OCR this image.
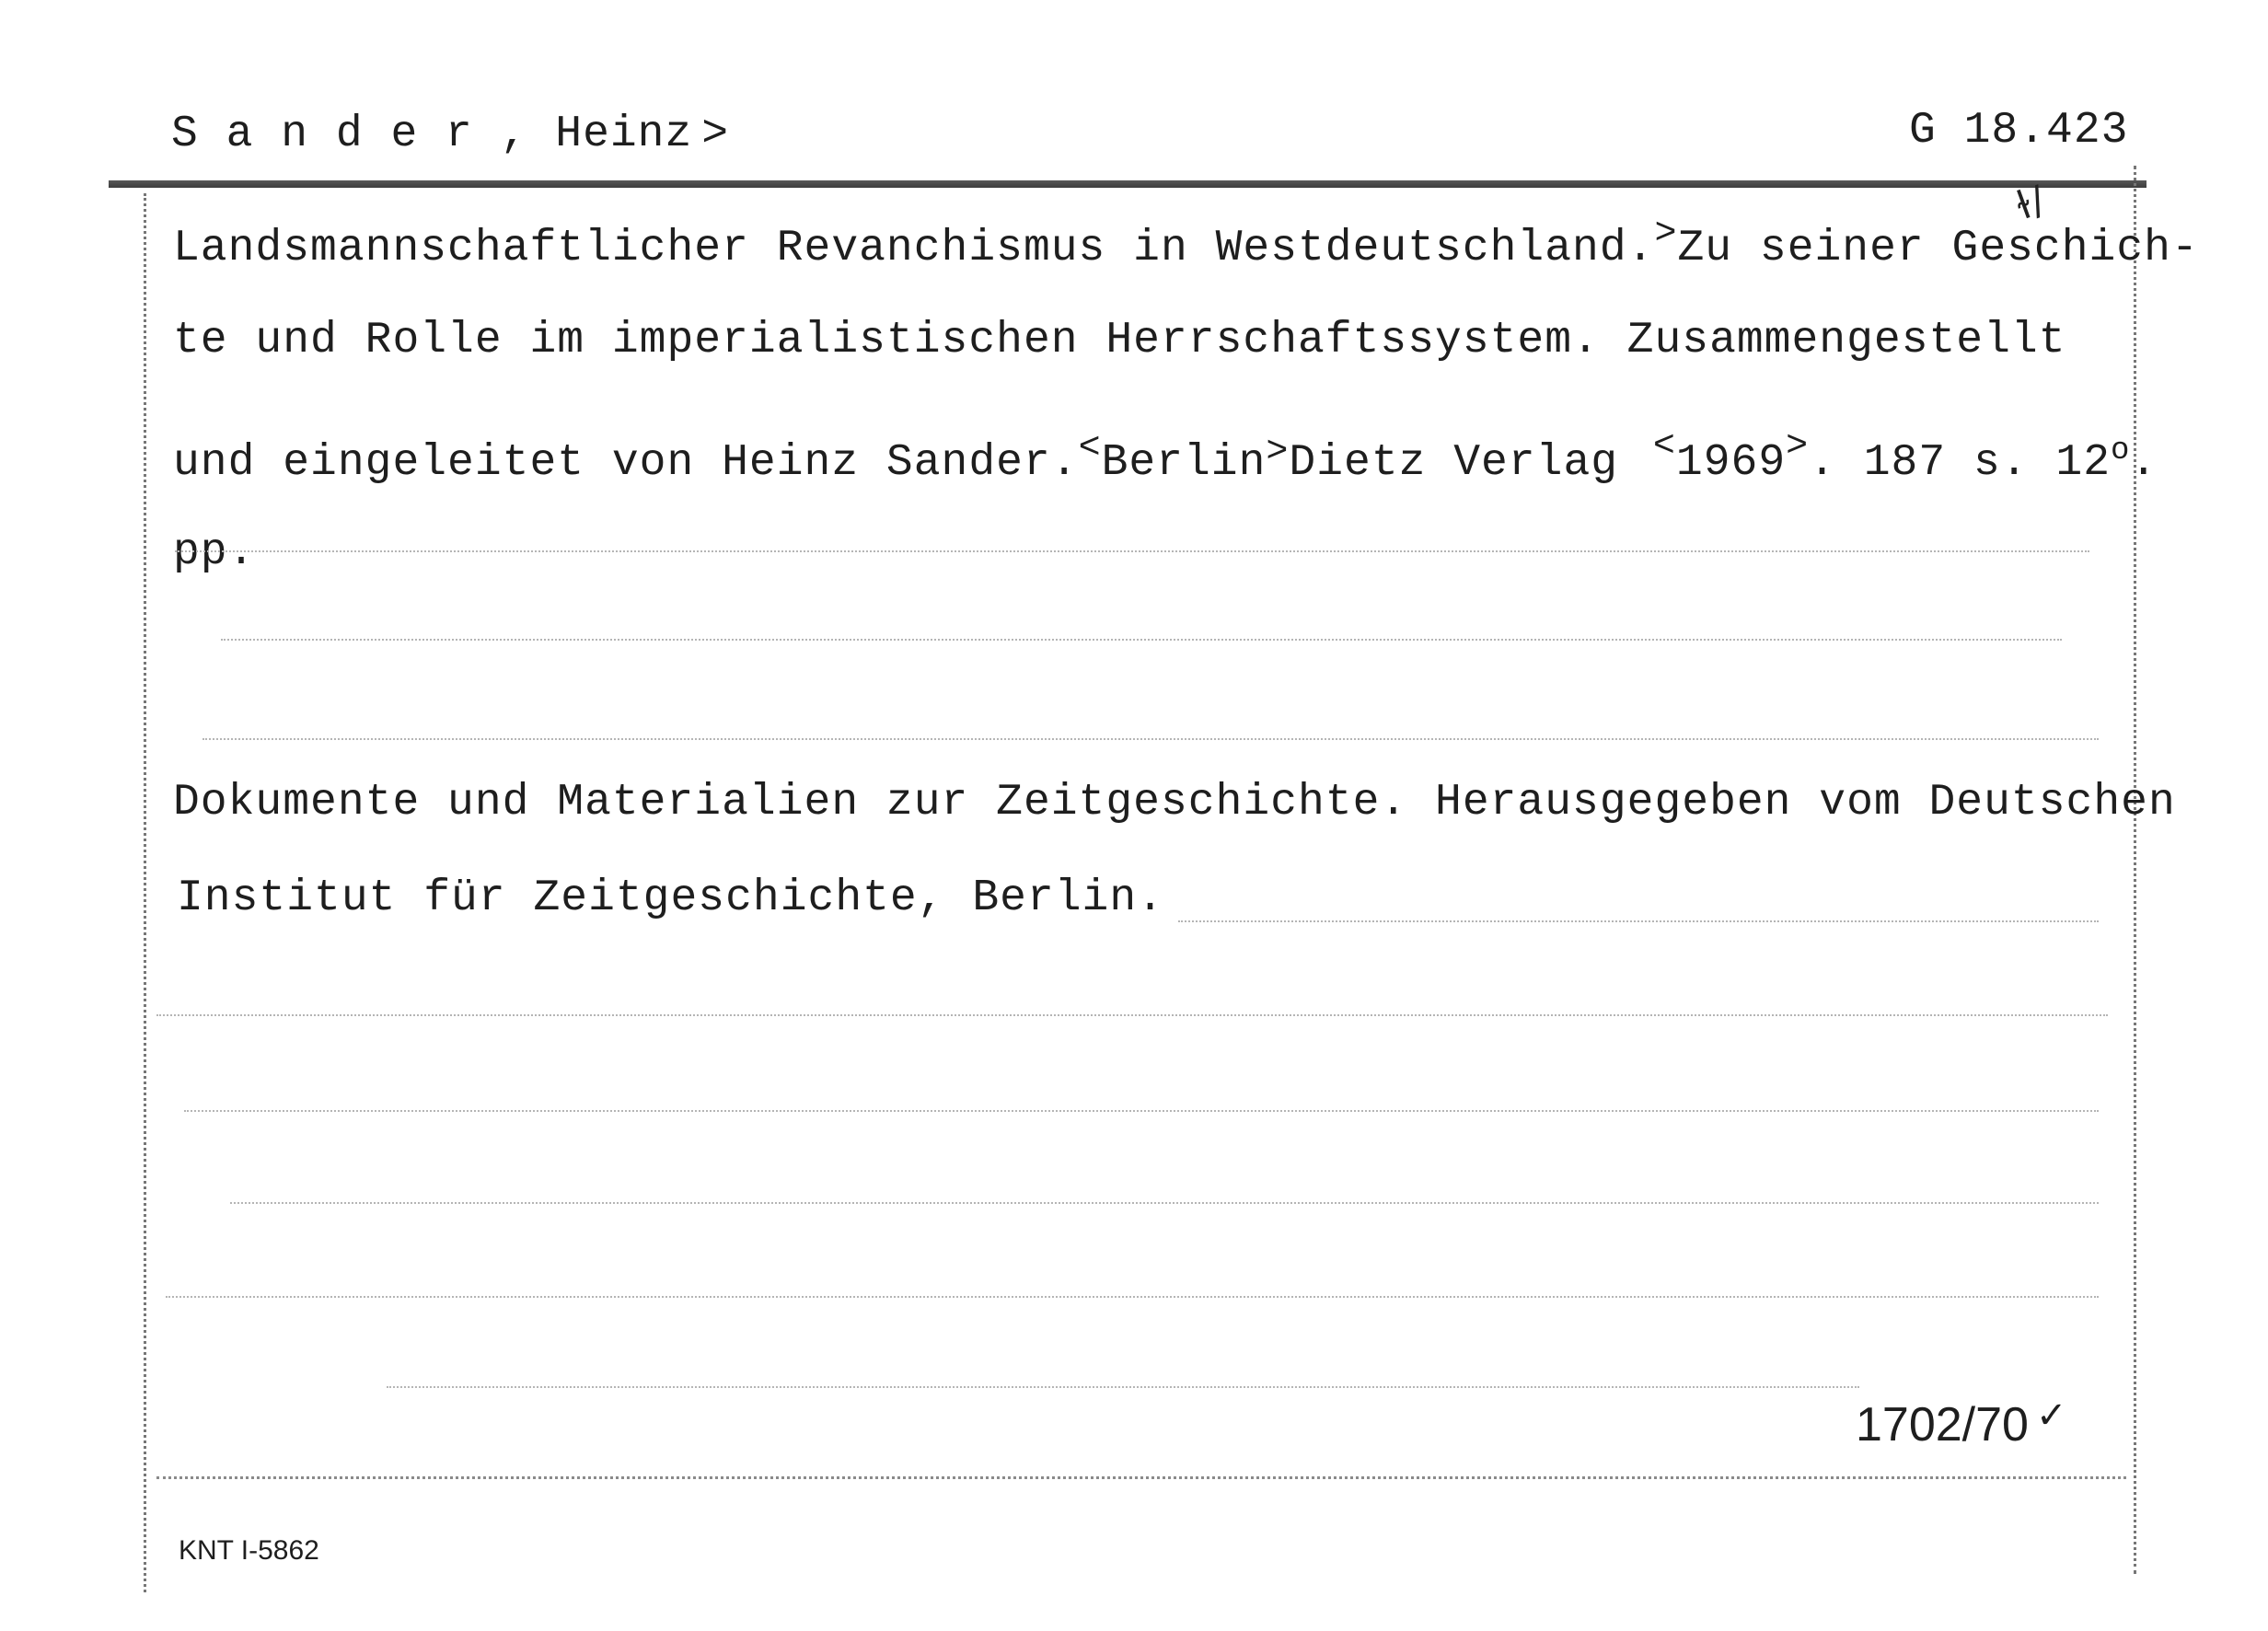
S a n d e r , Heinz >	G 18.423
Landsmannschaftlicher Revanchismus in Westdeutschland.>Zu seiner Geschich-
ɫ/
te und Rolle im imperialistischen Herrschaftssystem. Zusammengestellt
und eingeleitet von Heinz Sander.<Berlin>Dietz Verlag <1969>. 187 s. 12$^o$.
pp.
Dokumente und Materialien zur Zeitgeschichte. Herausgegeben vom Deutschen
Institut für Zeitgeschichte, Berlin.
1702/70 ✓
KNT I-5862
